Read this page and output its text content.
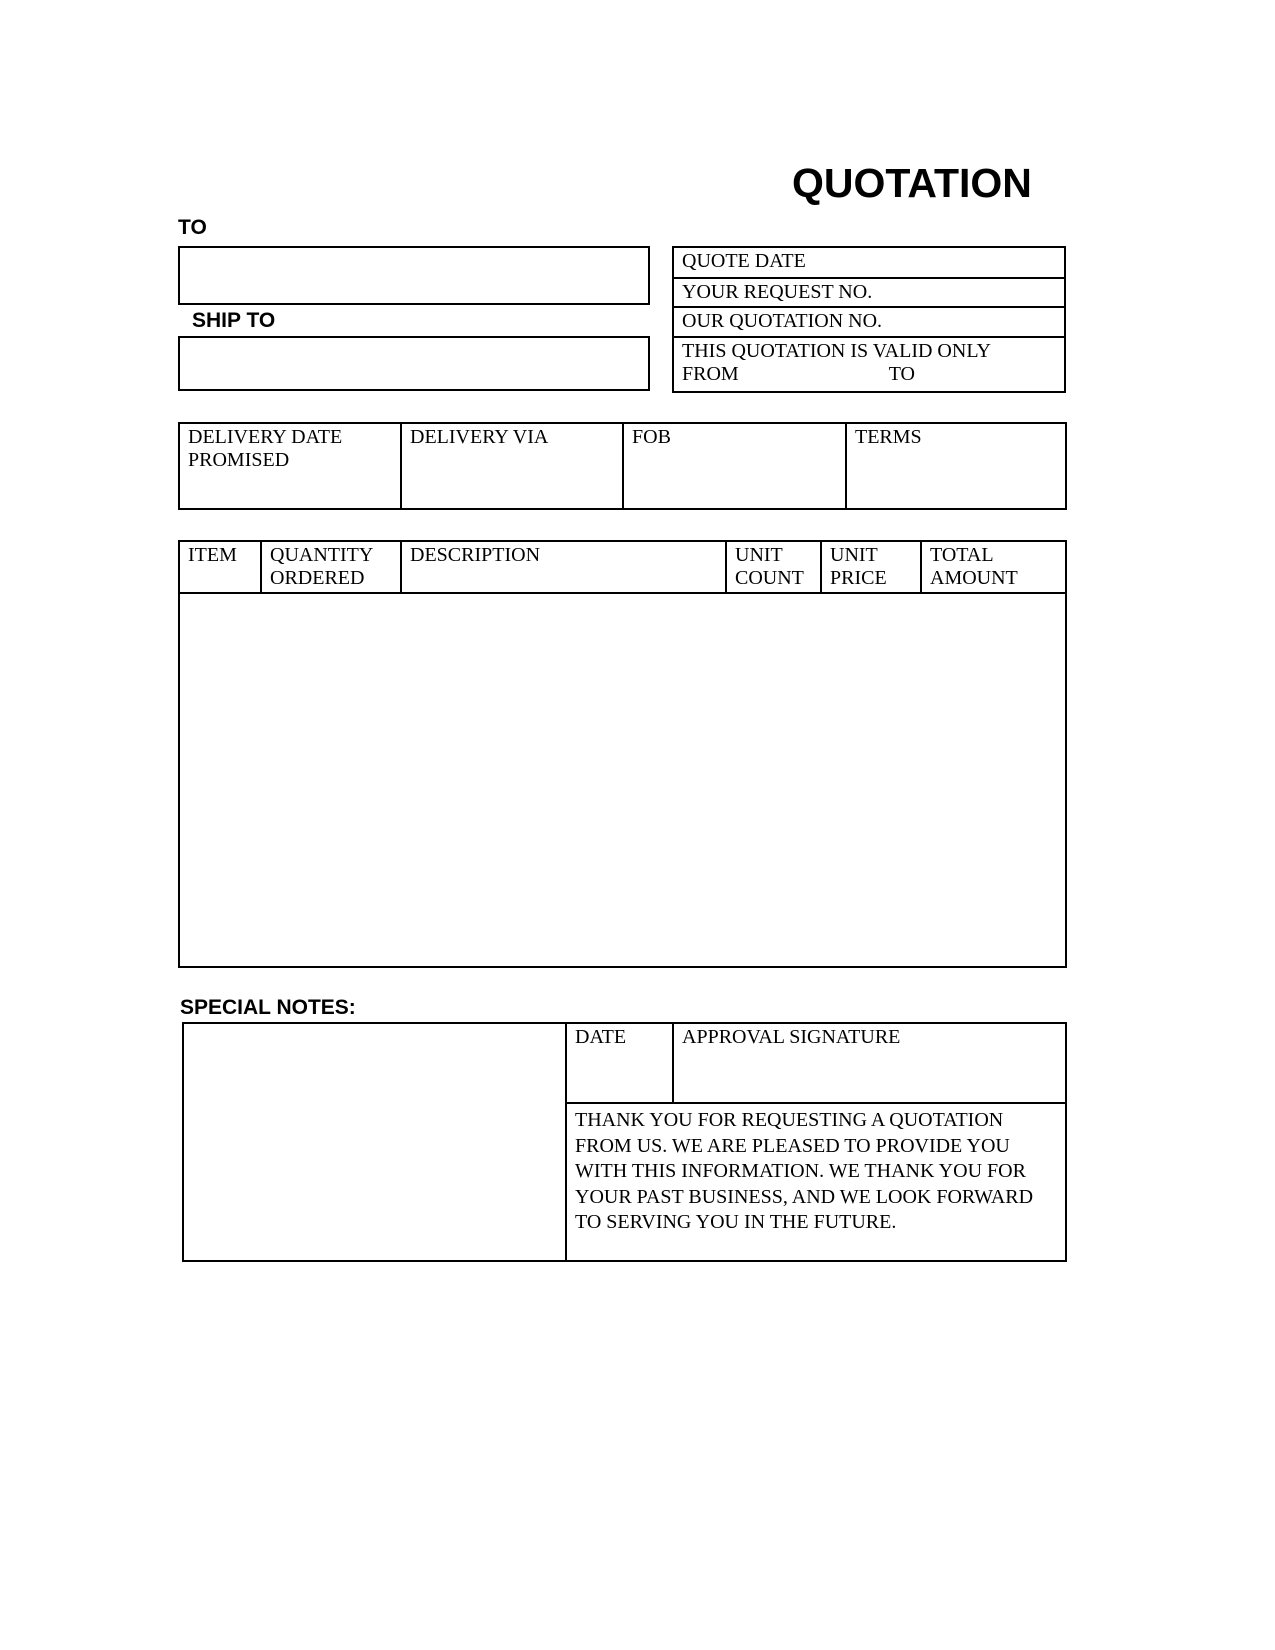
QUOTATION
TO
SHIP TO
QUOTE DATE
YOUR REQUEST NO.
OUR QUOTATION NO.

THIS QUOTATION IS VALID ONLY
FROM	TO
DELIVERY DATE PROMISED	DELIVERY VIA	FOB	TERMS
ITEM	QUANTITY ORDERED	DESCRIPTION	UNIT COUNT	UNIT PRICE	TOTAL AMOUNT

SPECIAL NOTES:
DATE	APPROVAL SIGNATURE

THANK YOU FOR REQUESTING A QUOTATION FROM US. WE ARE PLEASED TO PROVIDE YOU WITH THIS INFORMATION. WE THANK YOU FOR YOUR PAST BUSINESS, AND WE LOOK FORWARD TO SERVING YOU IN THE FUTURE.
